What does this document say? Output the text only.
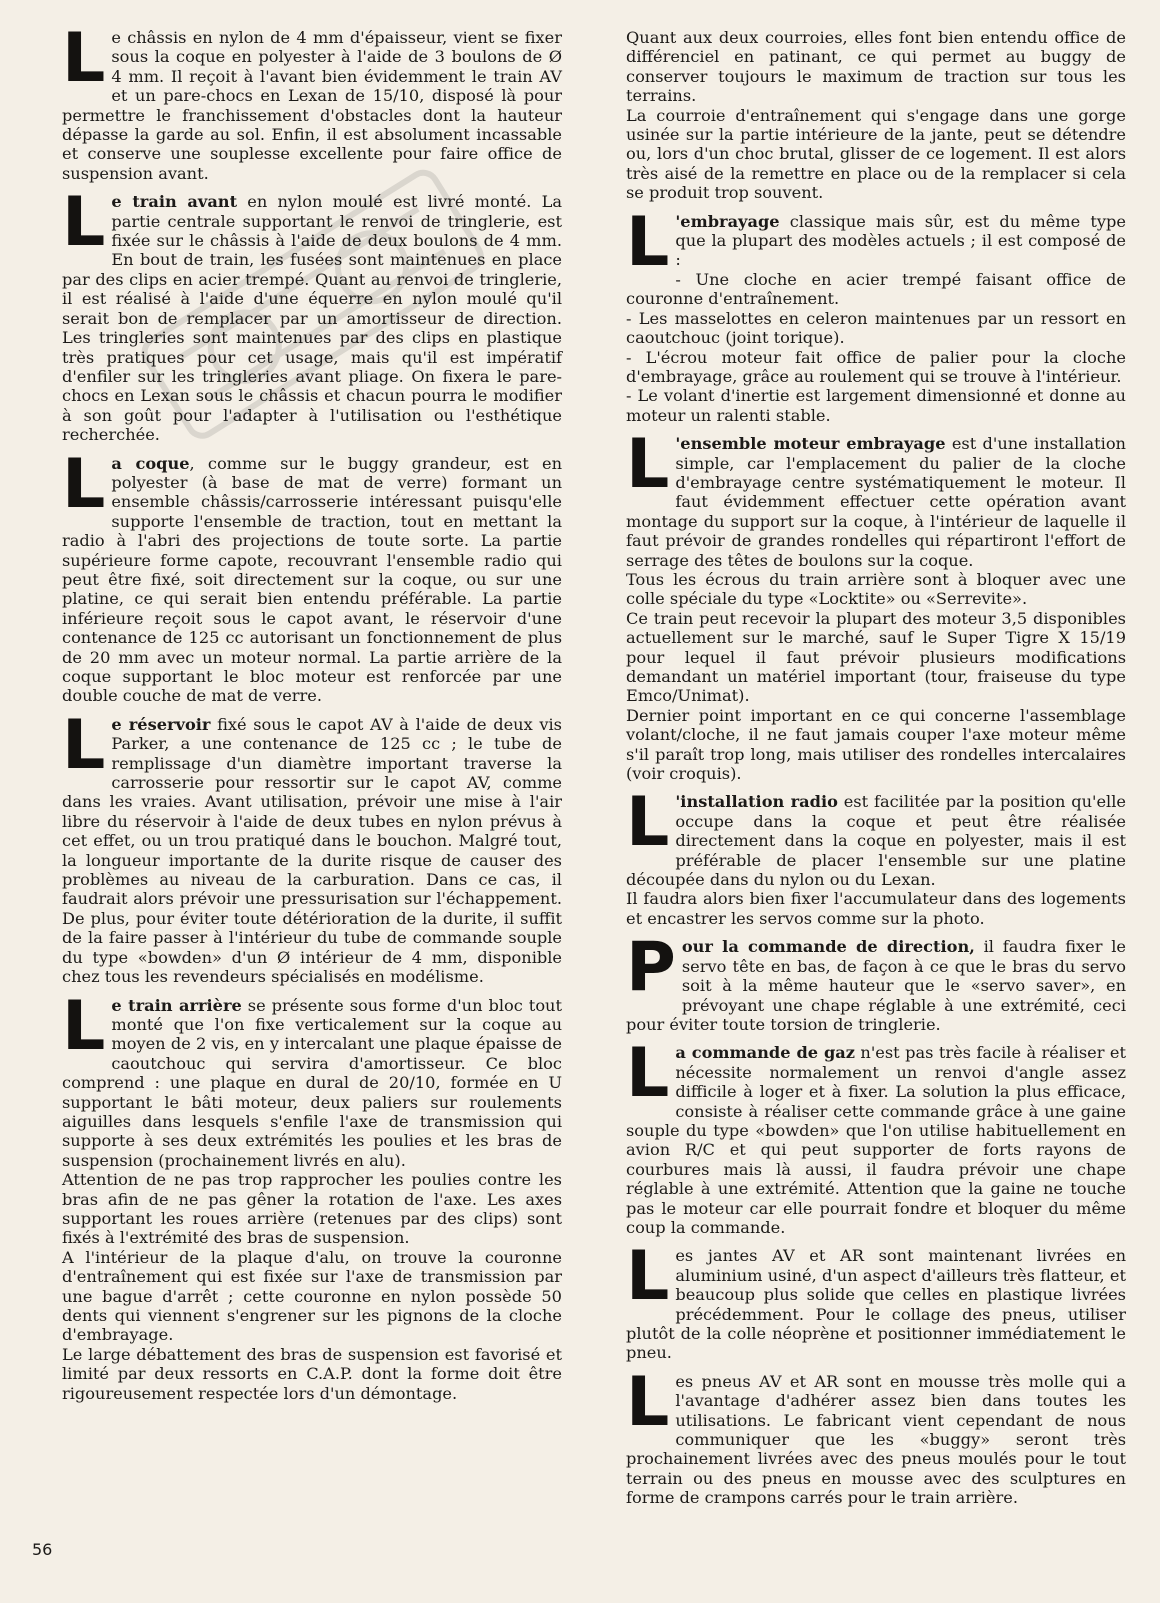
L e châssis en nylon de 4 mm d'épaisseur, vient se fixer sous la coque en polyester à l'aide de 3 boulons de Ø 4 mm. Il reçoit à l'avant bien évidemment le train AV et un pare-chocs en Lexan de 15/10, disposé là pour permettre le franchissement d'obstacles dont la hauteur dépasse la garde au sol. Enfin, il est absolument incassable et conserve une souplesse excellente pour faire office de suspension avant.

L e train avant en nylon moulé est livré monté. La partie centrale supportant le renvoi de tringlerie, est fixée sur le châssis à l'aide de deux boulons de 4 mm. En bout de train, les fusées sont maintenues en place par des clips en acier trempé. Quant au renvoi de tringlerie, il est réalisé à l'aide d'une équerre en nylon moulé qu'il serait bon de remplacer par un amortisseur de direction. Les tringleries sont maintenues par des clips en plastique très pratiques pour cet usage, mais qu'il est impératif d'enfiler sur les tringleries avant pliage. On fixera le pare-chocs en Lexan sous le châssis et chacun pourra le modifier à son goût pour l'adapter à l'utilisation ou l'esthétique recherchée.

L a coque, comme sur le buggy grandeur, est en polyester (à base de mat de verre) formant un ensemble châssis/carrosserie intéressant puisqu'elle supporte l'ensemble de traction, tout en mettant la radio à l'abri des projections de toute sorte. La partie supérieure forme capote, recouvrant l'ensemble radio qui peut être fixé, soit directement sur la coque, ou sur une platine, ce qui serait bien entendu préférable. La partie inférieure reçoit sous le capot avant, le réservoir d'une contenance de 125 cc autorisant un fonctionnement de plus de 20 mm avec un moteur normal. La partie arrière de la coque supportant le bloc moteur est renforcée par une double couche de mat de verre.

L e réservoir fixé sous le capot AV à l'aide de deux vis Parker, a une contenance de 125 cc ; le tube de remplissage d'un diamètre important traverse la carrosserie pour ressortir sur le capot AV, comme dans les vraies. Avant utilisation, prévoir une mise à l'air libre du réservoir à l'aide de deux tubes en nylon prévus à cet effet, ou un trou pratiqué dans le bouchon. Malgré tout, la longueur importante de la durite risque de causer des problèmes au niveau de la carburation. Dans ce cas, il faudrait alors prévoir une pressurisation sur l'échappement. De plus, pour éviter toute détérioration de la durite, il suffit de la faire passer à l'intérieur du tube de commande souple du type «bowden» d'un Ø intérieur de 4 mm, disponible chez tous les revendeurs spécialisés en modélisme.

L e train arrière se présente sous forme d'un bloc tout monté que l'on fixe verticalement sur la coque au moyen de 2 vis, en y intercalant une plaque épaisse de caoutchouc qui servira d'amortisseur. Ce bloc comprend : une plaque en dural de 20/10, formée en U supportant le bâti moteur, deux paliers sur roulements aiguilles dans lesquels s'enfile l'axe de transmission qui supporte à ses deux extrémités les poulies et les bras de suspension (prochainement livrés en alu).

Attention de ne pas trop rapprocher les poulies contre les bras afin de ne pas gêner la rotation de l'axe. Les axes supportant les roues arrière (retenues par des clips) sont fixés à l'extrémité des bras de suspension.

A l'intérieur de la plaque d'alu, on trouve la couronne d'entraînement qui est fixée sur l'axe de transmission par une bague d'arrêt ; cette couronne en nylon possède 50 dents qui viennent s'engrener sur les pignons de la cloche d'embrayage.

Le large débattement des bras de suspension est favorisé et limité par deux ressorts en C.A.P. dont la forme doit être rigoureusement respectée lors d'un démontage.

Quant aux deux courroies, elles font bien entendu office de différenciel en patinant, ce qui permet au buggy de conserver toujours le maximum de traction sur tous les terrains.

La courroie d'entraînement qui s'engage dans une gorge usinée sur la partie intérieure de la jante, peut se détendre ou, lors d'un choc brutal, glisser de ce logement. Il est alors très aisé de la remettre en place ou de la remplacer si cela se produit trop souvent.

L 'embrayage classique mais sûr, est du même type que la plupart des modèles actuels ; il est composé de :

- Une cloche en acier trempé faisant office de couronne d'entraînement.

- Les masselottes en celeron maintenues par un ressort en caoutchouc (joint torique).

- L'écrou moteur fait office de palier pour la cloche d'embrayage, grâce au roulement qui se trouve à l'intérieur.

- Le volant d'inertie est largement dimensionné et donne au moteur un ralenti stable.

L 'ensemble moteur embrayage est d'une installation simple, car l'emplacement du palier de la cloche d'embrayage centre systématiquement le moteur. Il faut évidemment effectuer cette opération avant montage du support sur la coque, à l'intérieur de laquelle il faut prévoir de grandes rondelles qui répartiront l'effort de serrage des têtes de boulons sur la coque.

Tous les écrous du train arrière sont à bloquer avec une colle spéciale du type «Locktite» ou «Serrevite».

Ce train peut recevoir la plupart des moteur 3,5 disponibles actuellement sur le marché, sauf le Super Tigre X 15/19 pour lequel il faut prévoir plusieurs modifications demandant un matériel important (tour, fraiseuse du type Emco/Unimat).

Dernier point important en ce qui concerne l'assemblage volant/cloche, il ne faut jamais couper l'axe moteur même s'il paraît trop long, mais utiliser des rondelles intercalaires (voir croquis).

L 'installation radio est facilitée par la position qu'elle occupe dans la coque et peut être réalisée directement dans la coque en polyester, mais il est préférable de placer l'ensemble sur une platine découpée dans du nylon ou du Lexan.

Il faudra alors bien fixer l'accumulateur dans des logements et encastrer les servos comme sur la photo.

P our la commande de direction, il faudra fixer le servo tête en bas, de façon à ce que le bras du servo soit à la même hauteur que le «servo saver», en prévoyant une chape réglable à une extrémité, ceci pour éviter toute torsion de tringlerie.

L a commande de gaz n'est pas très facile à réaliser et nécessite normalement un renvoi d'angle assez difficile à loger et à fixer. La solution la plus efficace, consiste à réaliser cette commande grâce à une gaine souple du type «bowden» que l'on utilise habituellement en avion R/C et qui peut supporter de forts rayons de courbures mais là aussi, il faudra prévoir une chape réglable à une extrémité. Attention que la gaine ne touche pas le moteur car elle pourrait fondre et bloquer du même coup la commande.

L es jantes AV et AR sont maintenant livrées en aluminium usiné, d'un aspect d'ailleurs très flatteur, et beaucoup plus solide que celles en plastique livrées précédemment. Pour le collage des pneus, utiliser plutôt de la colle néoprène et positionner immédiatement le pneu.

L es pneus AV et AR sont en mousse très molle qui a l'avantage d'adhérer assez bien dans toutes les utilisations. Le fabricant vient cependant de nous communiquer que les «buggy» seront très prochainement livrées avec des pneus moulés pour le tout terrain ou des pneus en mousse avec des sculptures en forme de crampons carrés pour le train arrière.

56
